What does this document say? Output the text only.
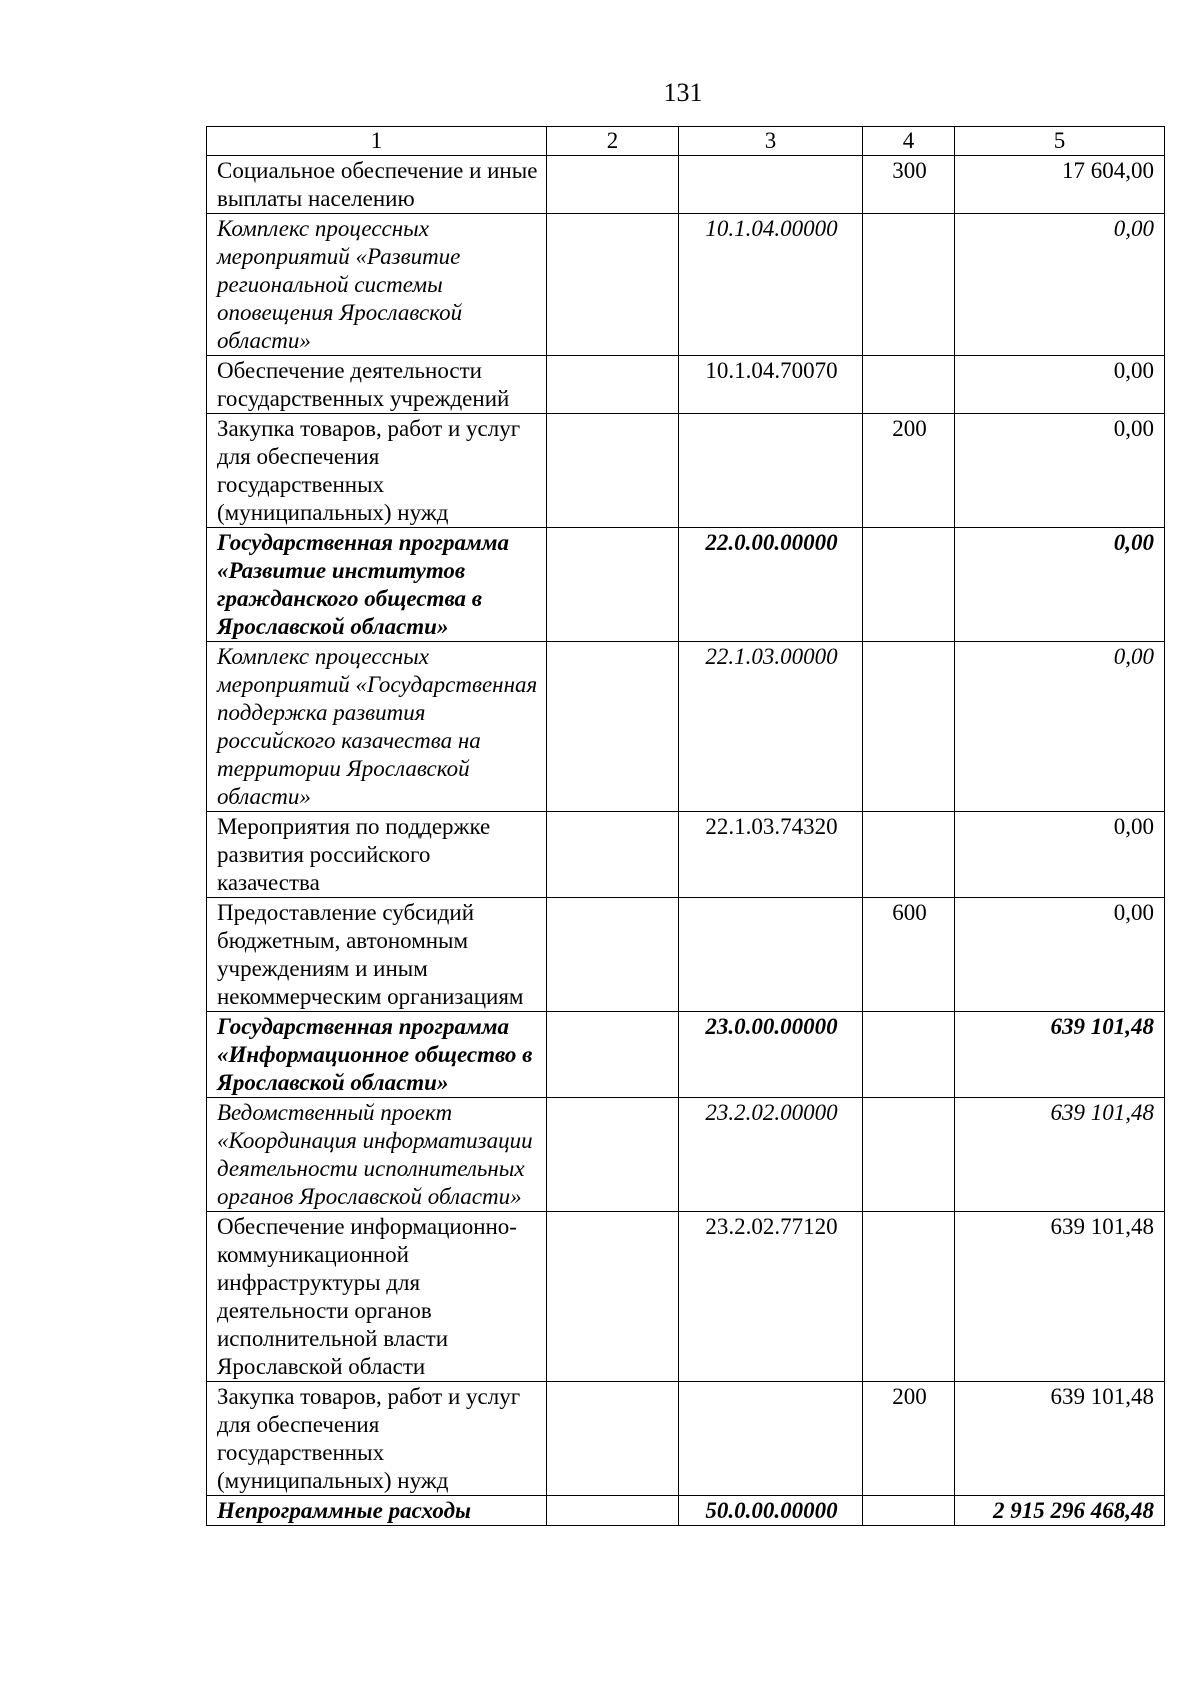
131
1	2	3	4	5
Социальное обеспечение и иные выплаты населению			300	17 604,00
Комплекс процессных мероприятий «Развитие региональной системы оповещения Ярославской области»		10.1.04.00000		0,00
Обеспечение деятельности государственных учреждений		10.1.04.70070		0,00
Закупка товаров, работ и услуг для обеспечения государственных (муниципальных) нужд			200	0,00
Государственная программа «Развитие институтов гражданского общества в Ярославской области»		22.0.00.00000		0,00
Комплекс процессных мероприятий «Государственная поддержка развития российского казачества на территории Ярославской области»		22.1.03.00000		0,00
Мероприятия по поддержке развития российского казачества		22.1.03.74320		0,00
Предоставление субсидий бюджетным, автономным учреждениям и иным некоммерческим организациям			600	0,00
Государственная программа «Информационное общество в Ярославской области»		23.0.00.00000		639 101,48
Ведомственный проект «Координация информатизации деятельности исполнительных органов Ярославской области»		23.2.02.00000		639 101,48
Обеспечение информационно-коммуникационной инфраструктуры для деятельности органов исполнительной власти Ярославской области		23.2.02.77120		639 101,48
Закупка товаров, работ и услуг для обеспечения государственных (муниципальных) нужд			200	639 101,48
Непрограммные расходы		50.0.00.00000		2 915 296 468,48
